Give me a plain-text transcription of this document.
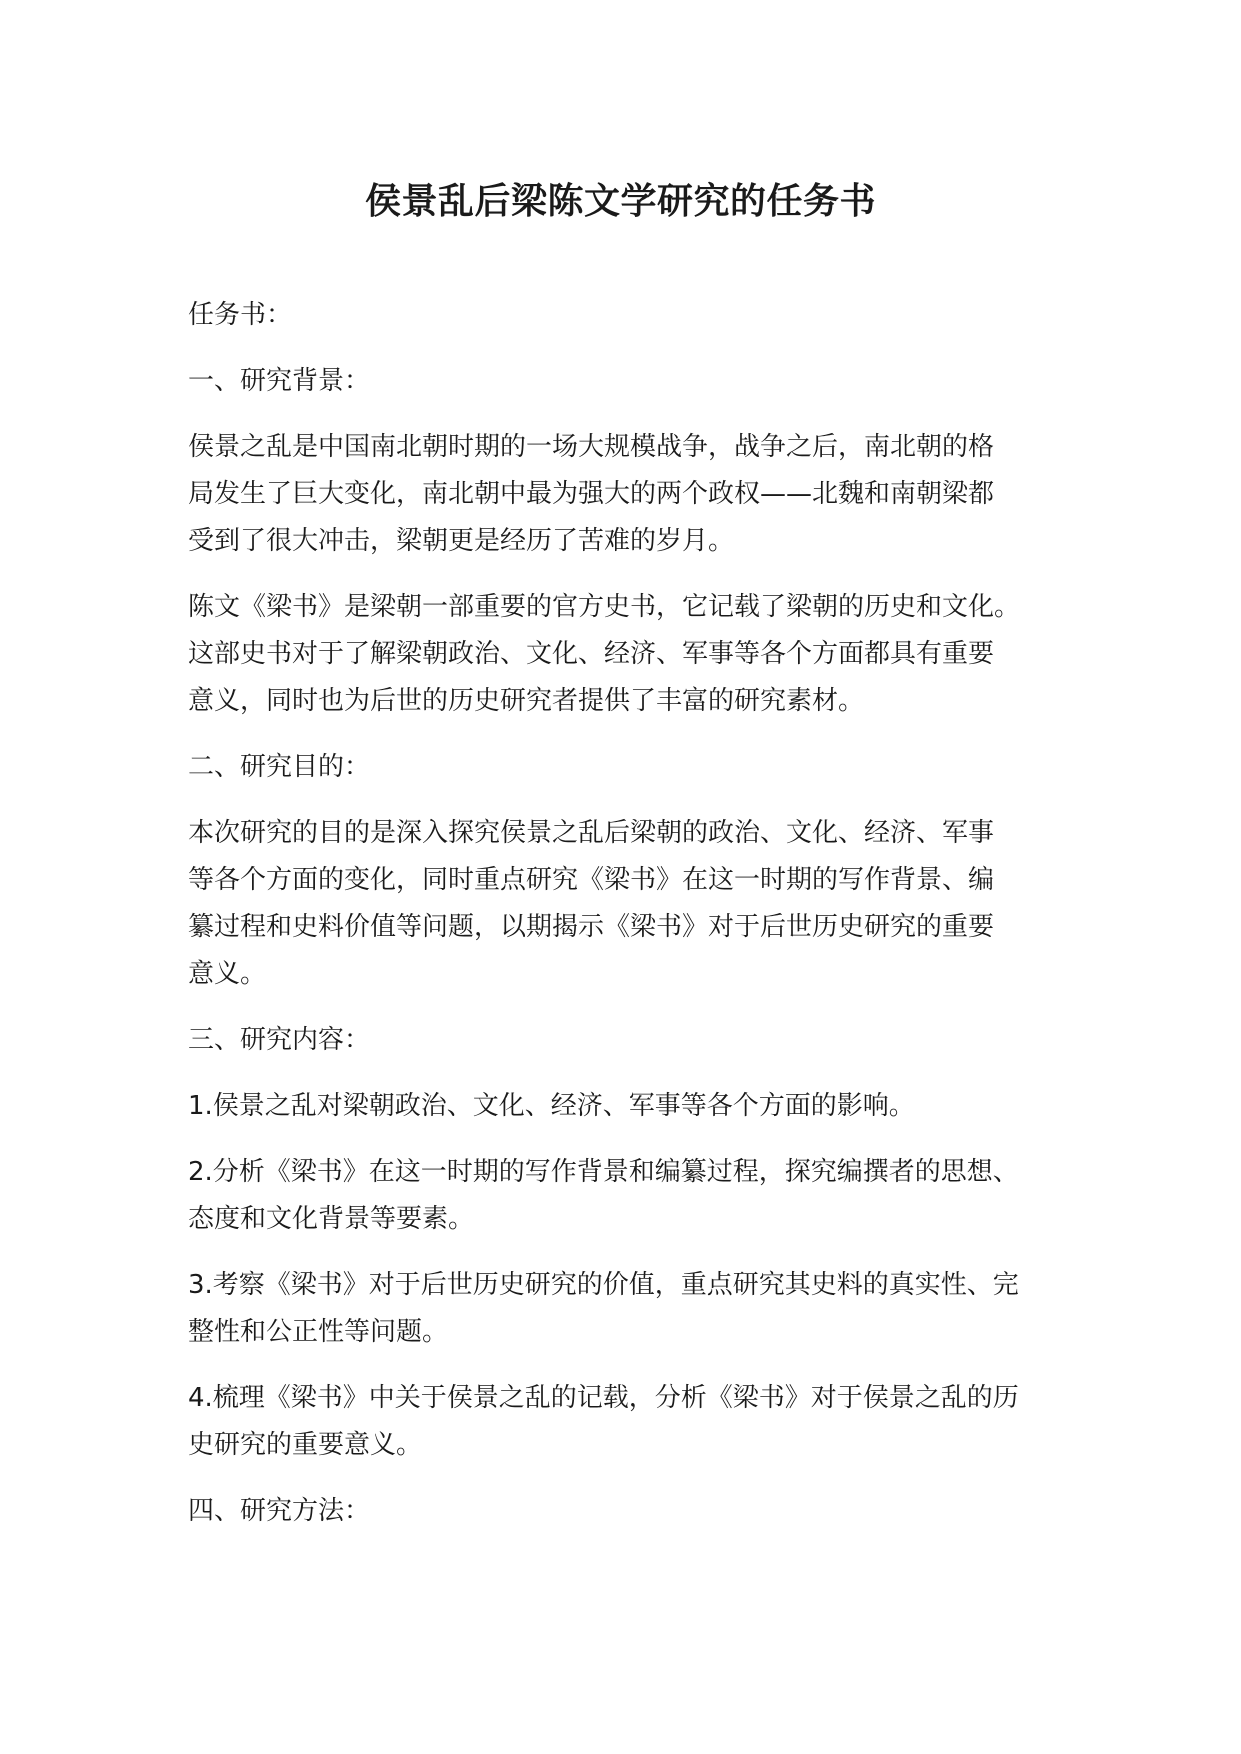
侯景乱后梁陈文学研究的任务书

任务书：

一、研究背景：

侯景之乱是中国南北朝时期的一场大规模战争，战争之后，南北朝的格
局发生了巨大变化，南北朝中最为强大的两个政权——北魏和南朝梁都
受到了很大冲击，梁朝更是经历了苦难的岁月。

陈文《梁书》是梁朝一部重要的官方史书，它记载了梁朝的历史和文化。
这部史书对于了解梁朝政治、文化、经济、军事等各个方面都具有重要
意义，同时也为后世的历史研究者提供了丰富的研究素材。

二、研究目的：

本次研究的目的是深入探究侯景之乱后梁朝的政治、文化、经济、军事
等各个方面的变化，同时重点研究《梁书》在这一时期的写作背景、编
纂过程和史料价值等问题，以期揭示《梁书》对于后世历史研究的重要
意义。

三、研究内容：

1.侯景之乱对梁朝政治、文化、经济、军事等各个方面的影响。

2.分析《梁书》在这一时期的写作背景和编纂过程，探究编撰者的思想、
态度和文化背景等要素。

3.考察《梁书》对于后世历史研究的价值，重点研究其史料的真实性、完
整性和公正性等问题。

4.梳理《梁书》中关于侯景之乱的记载，分析《梁书》对于侯景之乱的历
史研究的重要意义。

四、研究方法：
